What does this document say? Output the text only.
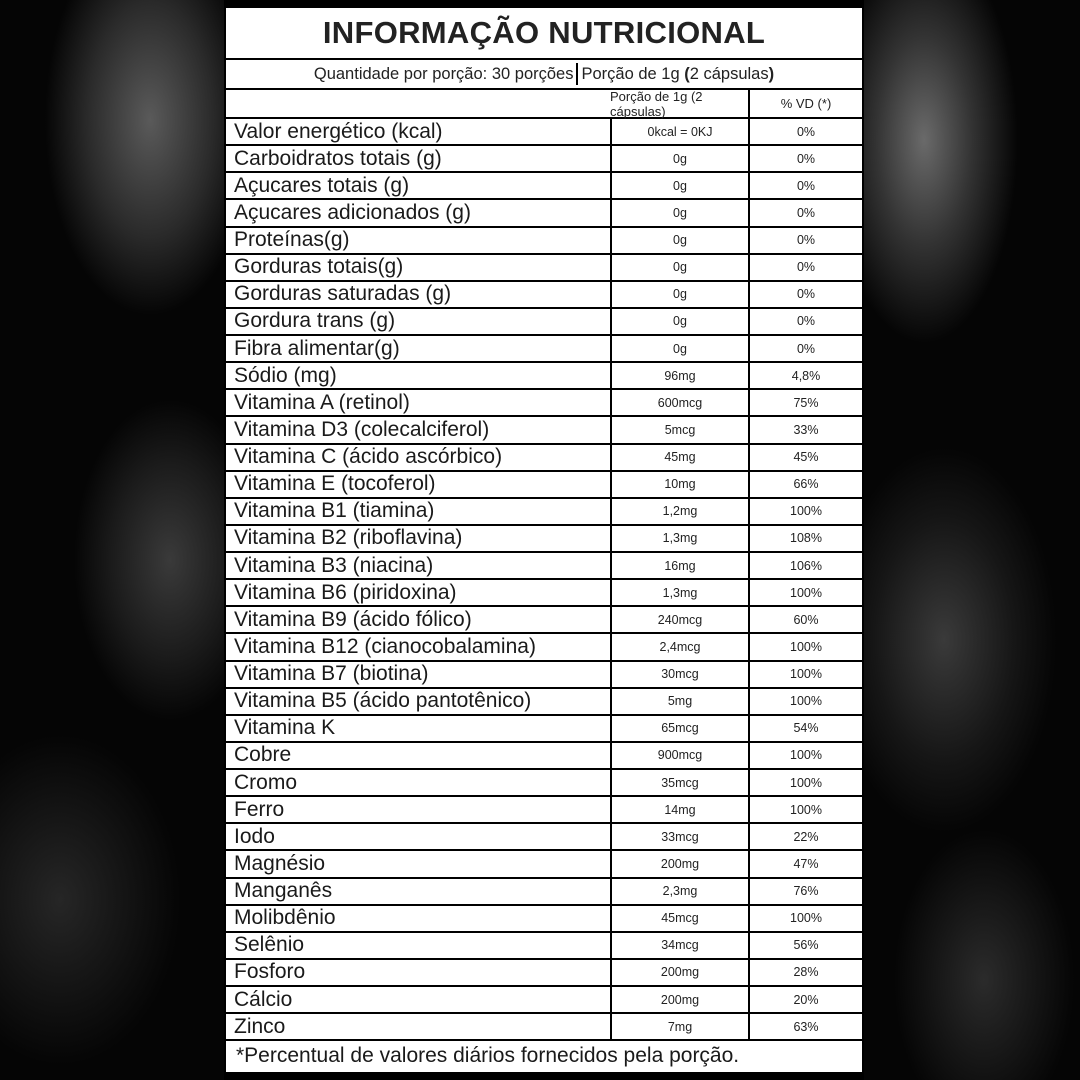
INFORMAÇÃO NUTRICIONAL
Quantidade por porção: 30 porções Porção de 1g (2 cápsulas)
Porção de 1g (2 cápsulas)	% VD (*)
Valor energético (kcal)	0kcal = 0KJ	0%
Carboidratos totais (g)	0g	0%
Açucares totais (g)	0g	0%
Açucares adicionados (g)	0g	0%
Proteínas(g)	0g	0%
Gorduras totais(g)	0g	0%
Gorduras saturadas (g)	0g	0%
Gordura trans (g)	0g	0%
Fibra alimentar(g)	0g	0%
Sódio (mg)	96mg	4,8%
Vitamina A (retinol)	600mcg	75%
Vitamina D3 (colecalciferol)	5mcg	33%
Vitamina C (ácido ascórbico)	45mg	45%
Vitamina E (tocoferol)	10mg	66%
Vitamina B1 (tiamina)	1,2mg	100%
Vitamina B2 (riboflavina)	1,3mg	108%
Vitamina B3 (niacina)	16mg	106%
Vitamina B6 (piridoxina)	1,3mg	100%
Vitamina B9 (ácido fólico)	240mcg	60%
Vitamina B12 (cianocobalamina)	2,4mcg	100%
Vitamina B7 (biotina)	30mcg	100%
Vitamina B5 (ácido pantotênico)	5mg	100%
Vitamina K	65mcg	54%
Cobre	900mcg	100%
Cromo	35mcg	100%
Ferro	14mg	100%
Iodo	33mcg	22%
Magnésio	200mg	47%
Manganês	2,3mg	76%
Molibdênio	45mcg	100%
Selênio	34mcg	56%
Fosforo	200mg	28%
Cálcio	200mg	20%
Zinco	7mg	63%
*Percentual de valores diários fornecidos pela porção.
